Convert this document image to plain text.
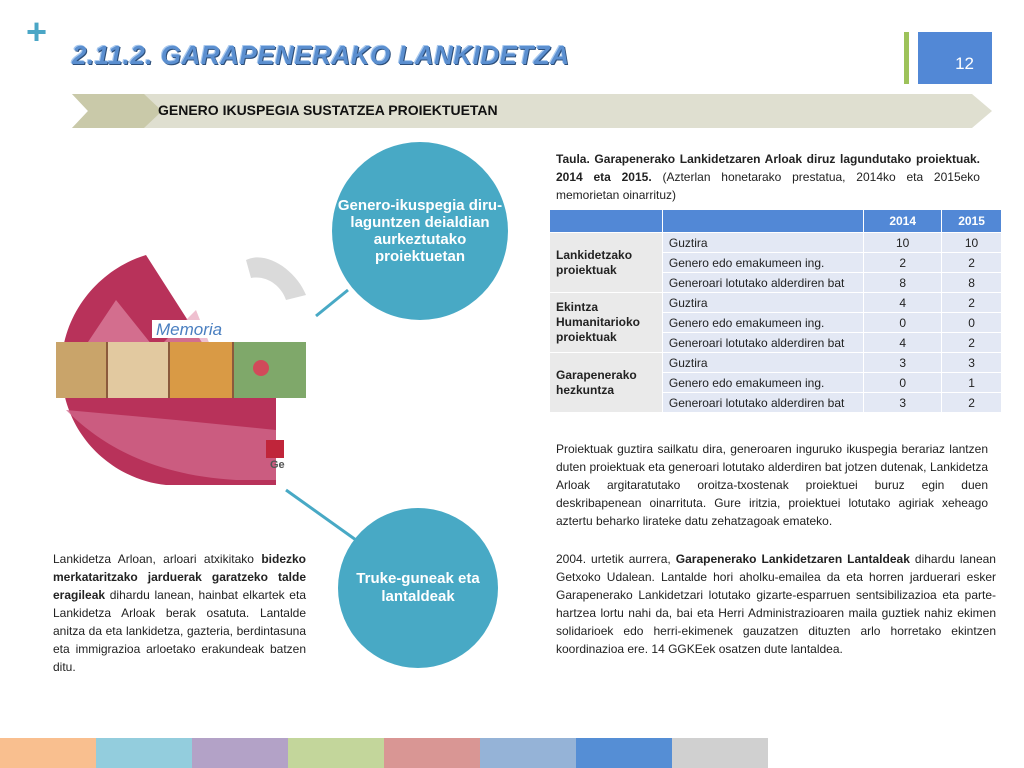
+
2.11.2. GARAPENERAKO LANKIDETZA	12
GENERO IKUSPEGIA SUSTATZEA PROIEKTUETAN
Memoria
Ge
Genero-ikuspegia diru-laguntzen deialdian aurkeztutako proiektuetan
Truke-guneak eta lantaldeak
Taula. Garapenerako Lankidetzaren Arloak diruz lagundutako proiektuak. 2014 eta 2015. (Azterlan honetarako prestatua, 2014ko eta 2015eko memorietan oinarrituz)
		2014	2015
Lankidetzako proiektuak	Guztira	10	10
	Genero edo emakumeen ing.	2	2
	Generoari lotutako alderdiren bat	8	8
Ekintza Humanitarioko proiektuak	Guztira	4	2
	Genero edo emakumeen ing.	0	0
	Generoari lotutako alderdiren bat	4	2
Garapenerako hezkuntza	Guztira	3	3
	Genero edo emakumeen ing.	0	1
	Generoari lotutako alderdiren bat	3	2
Proiektuak guztira sailkatu dira, generoaren inguruko ikuspegia berariaz lantzen duten proiektuak eta generoari lotutako alderdiren bat jotzen dutenak, Lankidetza Arloak argitaratutako oroitza-txostenak proiektuei buruz egin duen deskribapenean oinarrituta. Gure iritzia, proiektuei lotutako agiriak xeheago aztertu beharko lirateke datu zehatzagoak emateko.
2004. urtetik aurrera, Garapenerako Lankidetzaren Lantaldeak dihardu lanean Getxoko Udalean. Lantalde hori aholku-emailea da eta horren jarduerari esker Garapenerako Lankidetzari lotutako gizarte-esparruen sentsibilizazioa eta parte-hartzea lortu nahi da, bai eta Herri Administrazioaren maila guztiek nahiz ekimen solidarioek edo herri-ekimenek gauzatzen dituzten arlo horretako ekintzen koordinazioa ere. 14 GGKEek osatzen dute lantaldea.
Lankidetza Arloan, arloari atxikitako bidezko merkataritzako jarduerak garatzeko talde eragileak dihardu lanean, hainbat elkartek eta Lankidetza Arloak berak osatuta. Lantalde anitza da eta lankidetza, gazteria, berdintasuna eta immigrazioa arloetako erakundeak batzen ditu.
